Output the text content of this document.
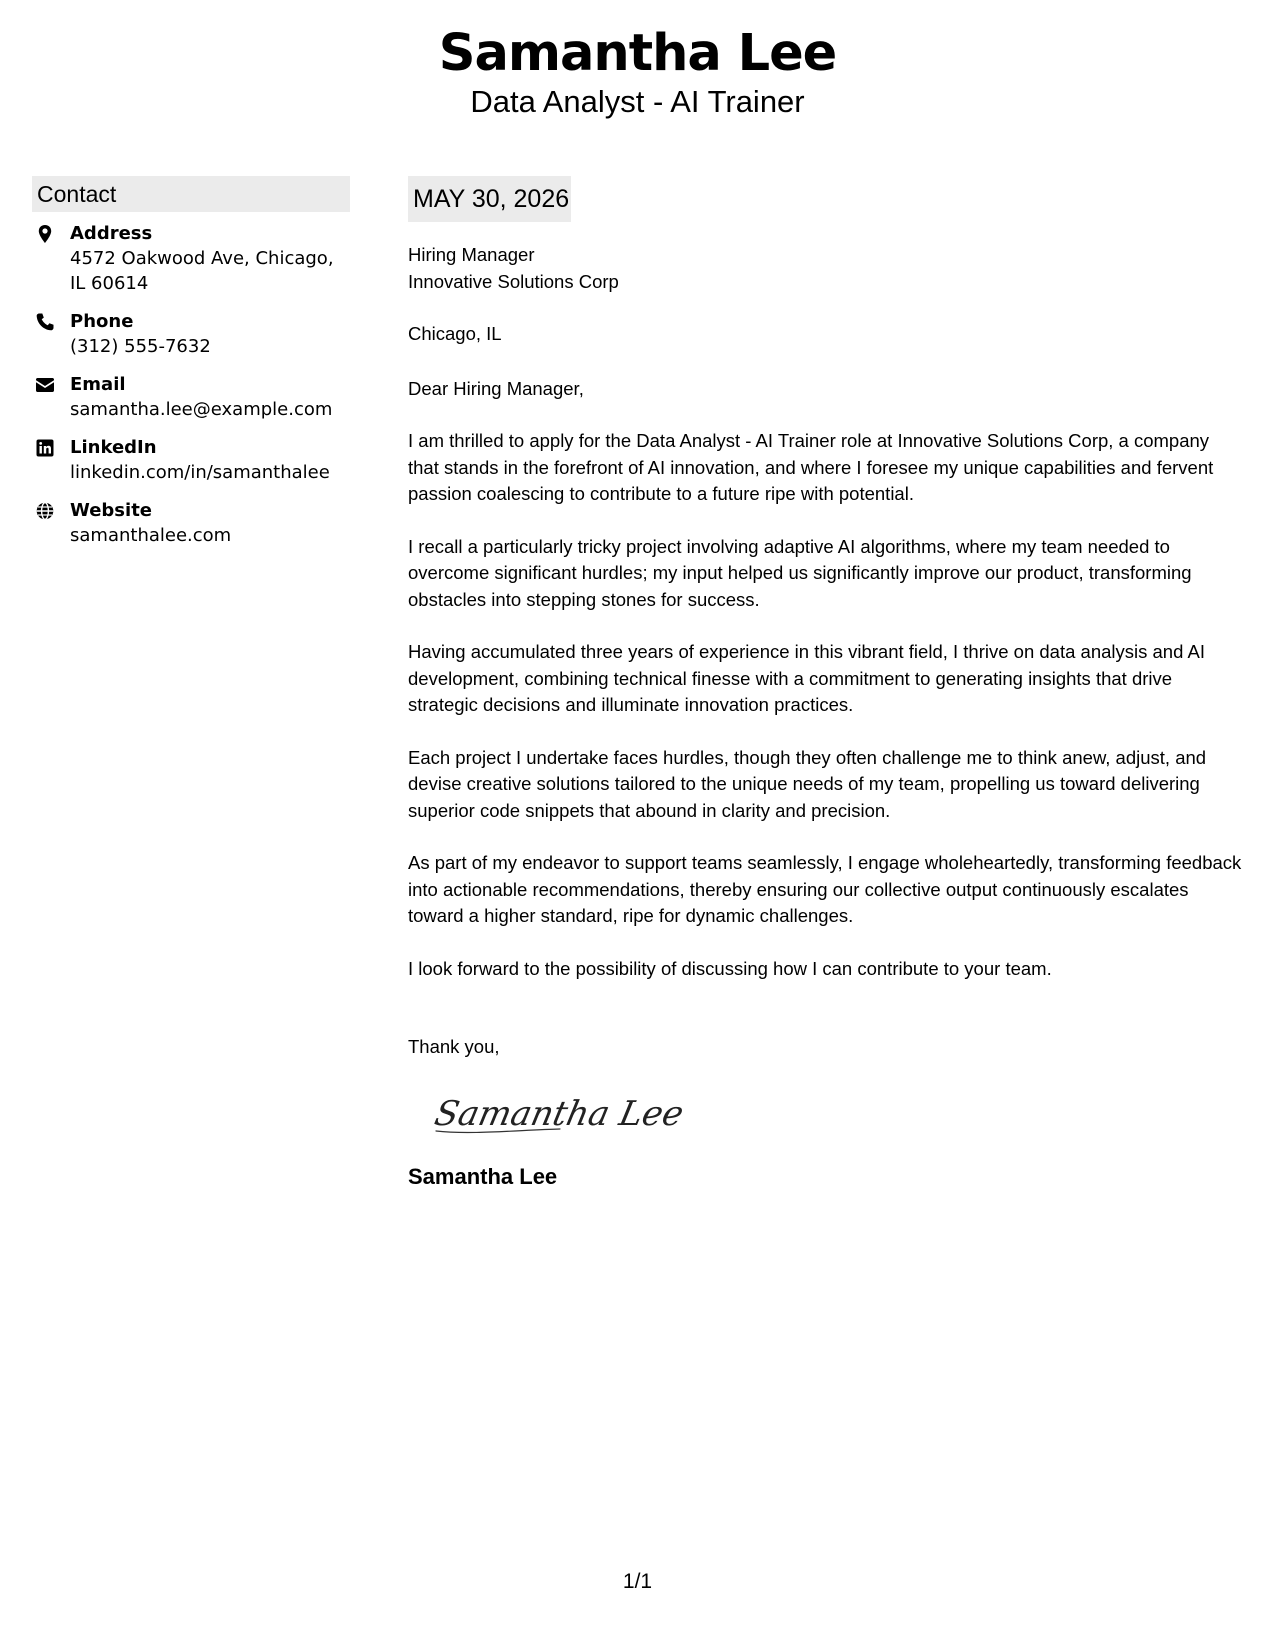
Samantha Lee
Data Analyst - AI Trainer
Contact
Address
4572 Oakwood Ave, Chicago, IL 60614
Phone
(312) 555-7632
Email
samantha.lee@example.com
LinkedIn
linkedin.com/in/samanthalee
Website
samanthalee.com
MAY 30, 2026
Hiring Manager
Innovative Solutions Corp
Chicago, IL
Dear Hiring Manager,

I am thrilled to apply for the Data Analyst - AI Trainer role at Innovative Solutions Corp, a company that stands in the forefront of AI innovation, and where I foresee my unique capabilities and fervent passion coalescing to contribute to a future ripe with potential.

I recall a particularly tricky project involving adaptive AI algorithms, where my team needed to overcome significant hurdles; my input helped us significantly improve our product, transforming obstacles into stepping stones for success.

Having accumulated three years of experience in this vibrant field, I thrive on data analysis and AI development, combining technical finesse with a commitment to generating insights that drive strategic decisions and illuminate innovation practices.

Each project I undertake faces hurdles, though they often challenge me to think anew, adjust, and devise creative solutions tailored to the unique needs of my team, propelling us toward delivering superior code snippets that abound in clarity and precision.

As part of my endeavor to support teams seamlessly, I engage wholeheartedly, transforming feedback into actionable recommendations, thereby ensuring our collective output continuously escalates toward a higher standard, ripe for dynamic challenges.

I look forward to the possibility of discussing how I can contribute to your team.

Thank you,
Samantha Lee
Samantha Lee
1/1
